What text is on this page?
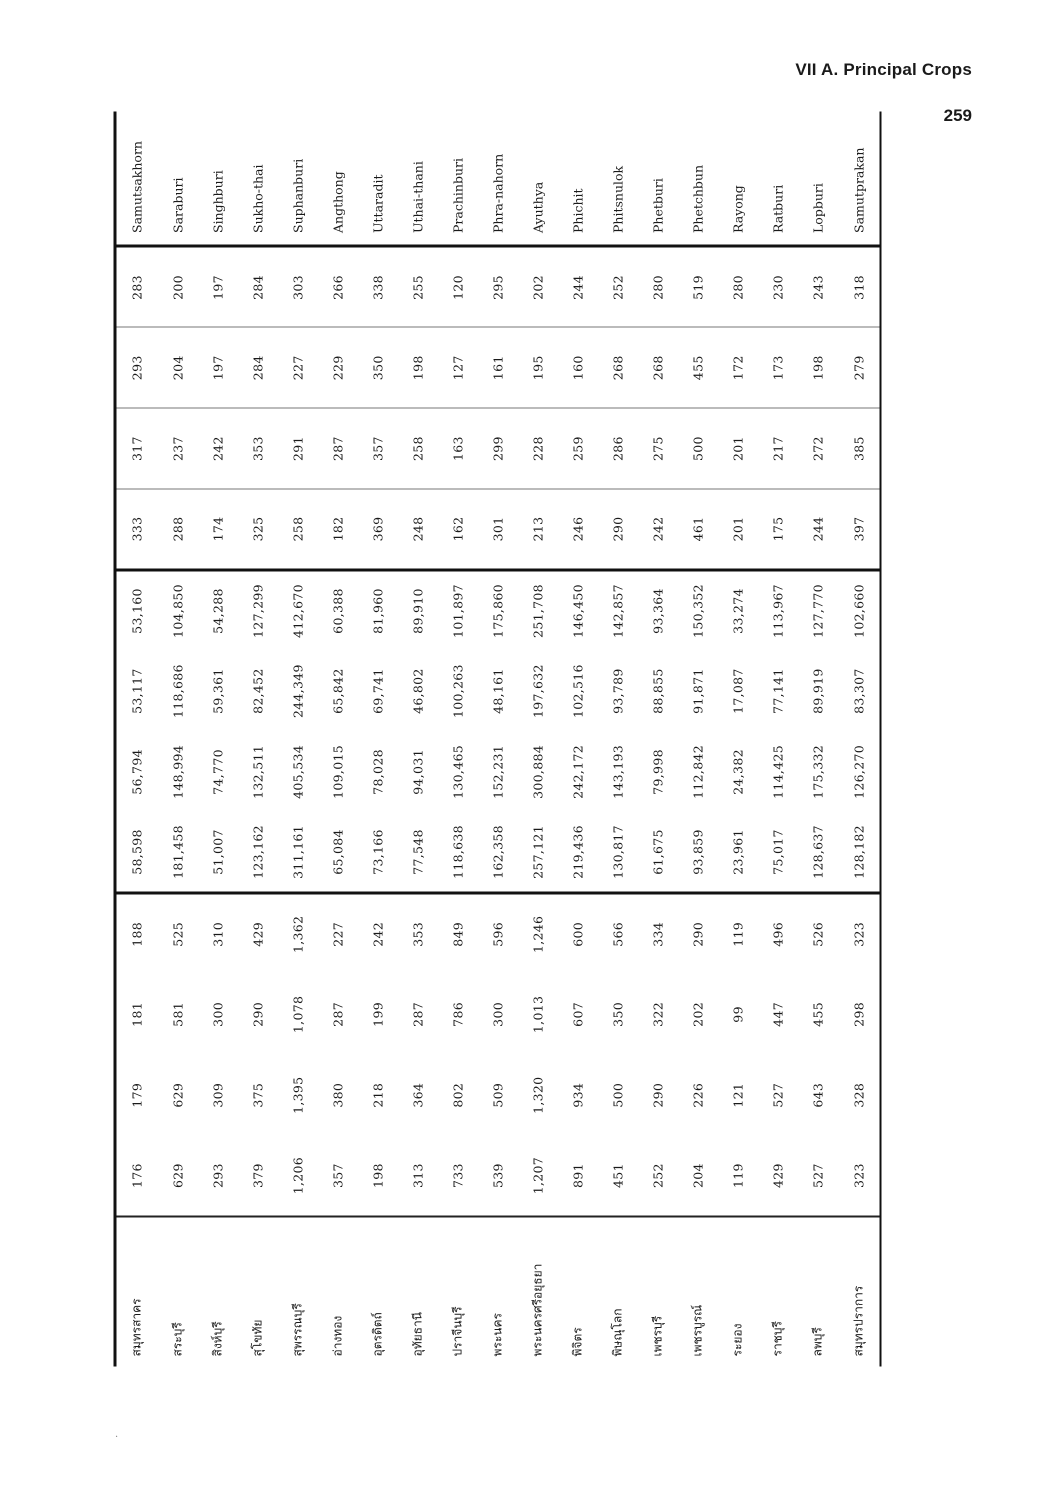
VII A. Principal Crops
259
สมุทรสาคร	176	179	181	188	58,598	56,794	53,117	53,160	333	317	293	283	Samutsakhorn
สระบุรี	629	629	581	525	181,458	148,994	118,686	104,850	288	237	204	200	Saraburi
สิงห์บุรี	293	309	300	310	51,007	74,770	59,361	54,288	174	242	197	197	Singhburi
สุโขทัย	379	375	290	429	123,162	132,511	82,452	127,299	325	353	284	284	Sukho-thai
สุพรรณบุรี	1,206	1,395	1,078	1,362	311,161	405,534	244,349	412,670	258	291	227	303	Suphanburi
อ่างทอง	357	380	287	227	65,084	109,015	65,842	60,388	182	287	229	266	Angthong
อุตรดิตถ์	198	218	199	242	73,166	78,028	69,741	81,960	369	357	350	338	Uttaradit
อุทัยธานี	313	364	287	353	77,548	94,031	46,802	89,910	248	258	198	255	Uthai-thani
ปราจีนบุรี	733	802	786	849	118,638	130,465	100,263	101,897	162	163	127	120	Prachinburi
พระนคร	539	509	300	596	162,358	152,231	48,161	175,860	301	299	161	295	Phra-nahorn
พระนครศรีอยุธยา	1,207	1,320	1,013	1,246	257,121	300,884	197,632	251,708	213	228	195	202	Ayuthya
พิจิตร	891	934	607	600	219,436	242,172	102,516	146,450	246	259	160	244	Phichit
พิษณุโลก	451	500	350	566	130,817	143,193	93,789	142,857	290	286	268	252	Phitsnulok
เพชรบุรี	252	290	322	334	61,675	79,998	88,855	93,364	242	275	268	280	Phetburi
เพชรบูรณ์	204	226	202	290	93,859	112,842	91,871	150,352	461	500	455	519	Phetchbun
ระยอง	119	121	99	119	23,961	24,382	17,087	33,274	201	201	172	280	Rayong
ราชบุรี	429	527	447	496	75,017	114,425	77,141	113,967	175	217	173	230	Ratburi
ลพบุรี	527	643	455	526	128,637	175,332	89,919	127,770	244	272	198	243	Lopburi
สมุทรปราการ	323	328	298	323	128,182	126,270	83,307	102,660	397	385	279	318	Samutprakan
·
